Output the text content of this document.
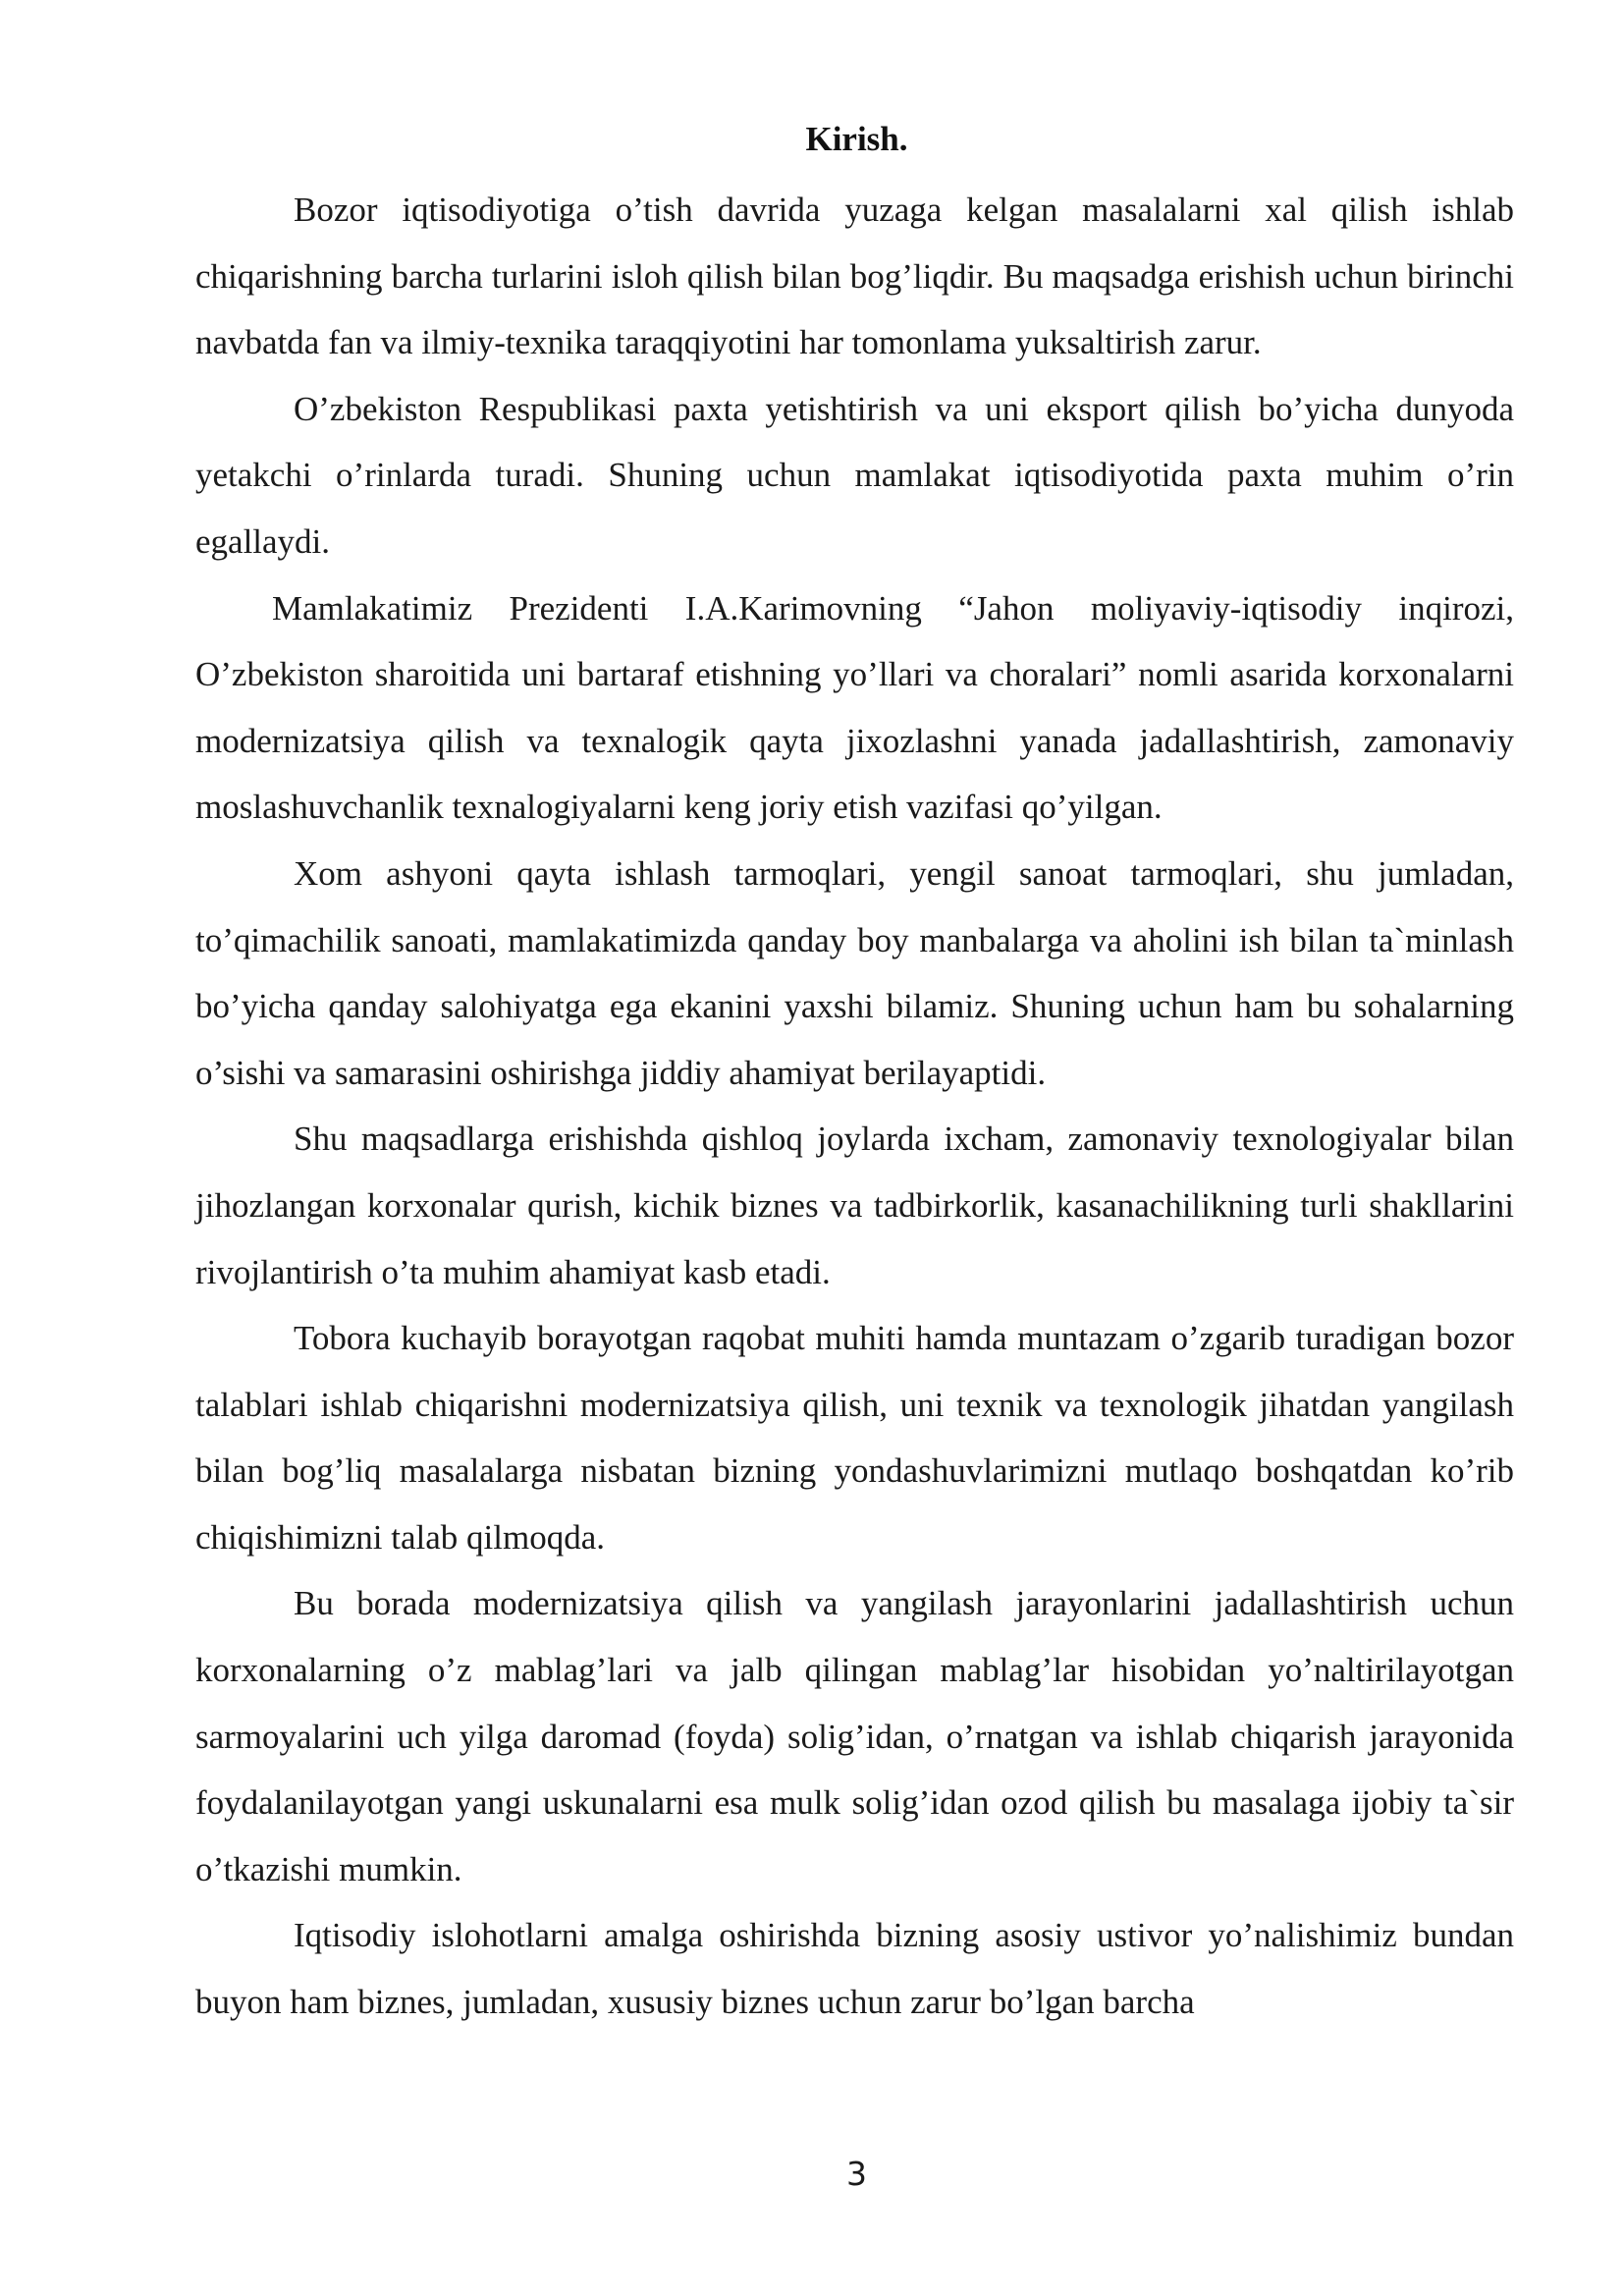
Kirish.

Bozor iqtisodiyotiga o’tish davrida yuzaga kelgan masalalarni xal qilish ishlab chiqarishning barcha turlarini isloh qilish bilan bog’liqdir. Bu maqsadga erishish uchun birinchi navbatda fan va ilmiy-texnika taraqqiyotini har tomonlama yuksaltirish zarur.

O’zbekiston Respublikasi paxta yetishtirish va uni eksport qilish bo’yicha dunyoda yetakchi o’rinlarda turadi. Shuning uchun mamlakat iqtisodiyotida paxta muhim o’rin egallaydi.

Mamlakatimiz Prezidenti I.A.Karimovning “Jahon moliyaviy-iqtisodiy inqirozi, O’zbekiston sharoitida uni bartaraf etishning yo’llari va choralari” nomli asarida korxonalarni modernizatsiya qilish va texnalogik qayta jixozlashni yanada jadallashtirish, zamonaviy moslashuvchanlik texnalogiyalarni keng joriy etish vazifasi qo’yilgan.

Xom ashyoni qayta ishlash tarmoqlari, yengil sanoat tarmoqlari, shu jumladan, to’qimachilik sanoati, mamlakatimizda qanday boy manbalarga va aholini ish bilan ta`minlash bo’yicha qanday salohiyatga ega ekanini yaxshi bilamiz. Shuning uchun ham bu sohalarning o’sishi va samarasini oshirishga jiddiy ahamiyat berilayaptidi.

Shu maqsadlarga erishishda qishloq joylarda ixcham, zamonaviy texnologiyalar bilan jihozlangan korxonalar qurish, kichik biznes va tadbirkorlik, kasanachilikning turli shakllarini rivojlantirish o’ta muhim ahamiyat kasb etadi.

Tobora kuchayib borayotgan raqobat muhiti hamda muntazam o’zgarib turadigan bozor talablari ishlab chiqarishni modernizatsiya qilish, uni texnik va texnologik jihatdan yangilash bilan bog’liq masalalarga nisbatan bizning yondashuvlarimizni mutlaqo boshqatdan ko’rib chiqishimizni talab qilmoqda.

Bu borada modernizatsiya qilish va yangilash jarayonlarini jadallashtirish uchun korxonalarning o’z mablag’lari va jalb qilingan mablag’lar hisobidan yo’naltirilayotgan sarmoyalarini uch yilga daromad (foyda) solig’idan, o’rnatgan va ishlab chiqarish jarayonida foydalanilayotgan yangi uskunalarni esa mulk solig’idan ozod qilish bu masalaga ijobiy ta`sir o’tkazishi mumkin.

Iqtisodiy islohotlarni amalga oshirishda bizning asosiy ustivor yo’nalishimiz bundan buyon ham biznes, jumladan, xususiy biznes uchun zarur bo’lgan barcha

3
